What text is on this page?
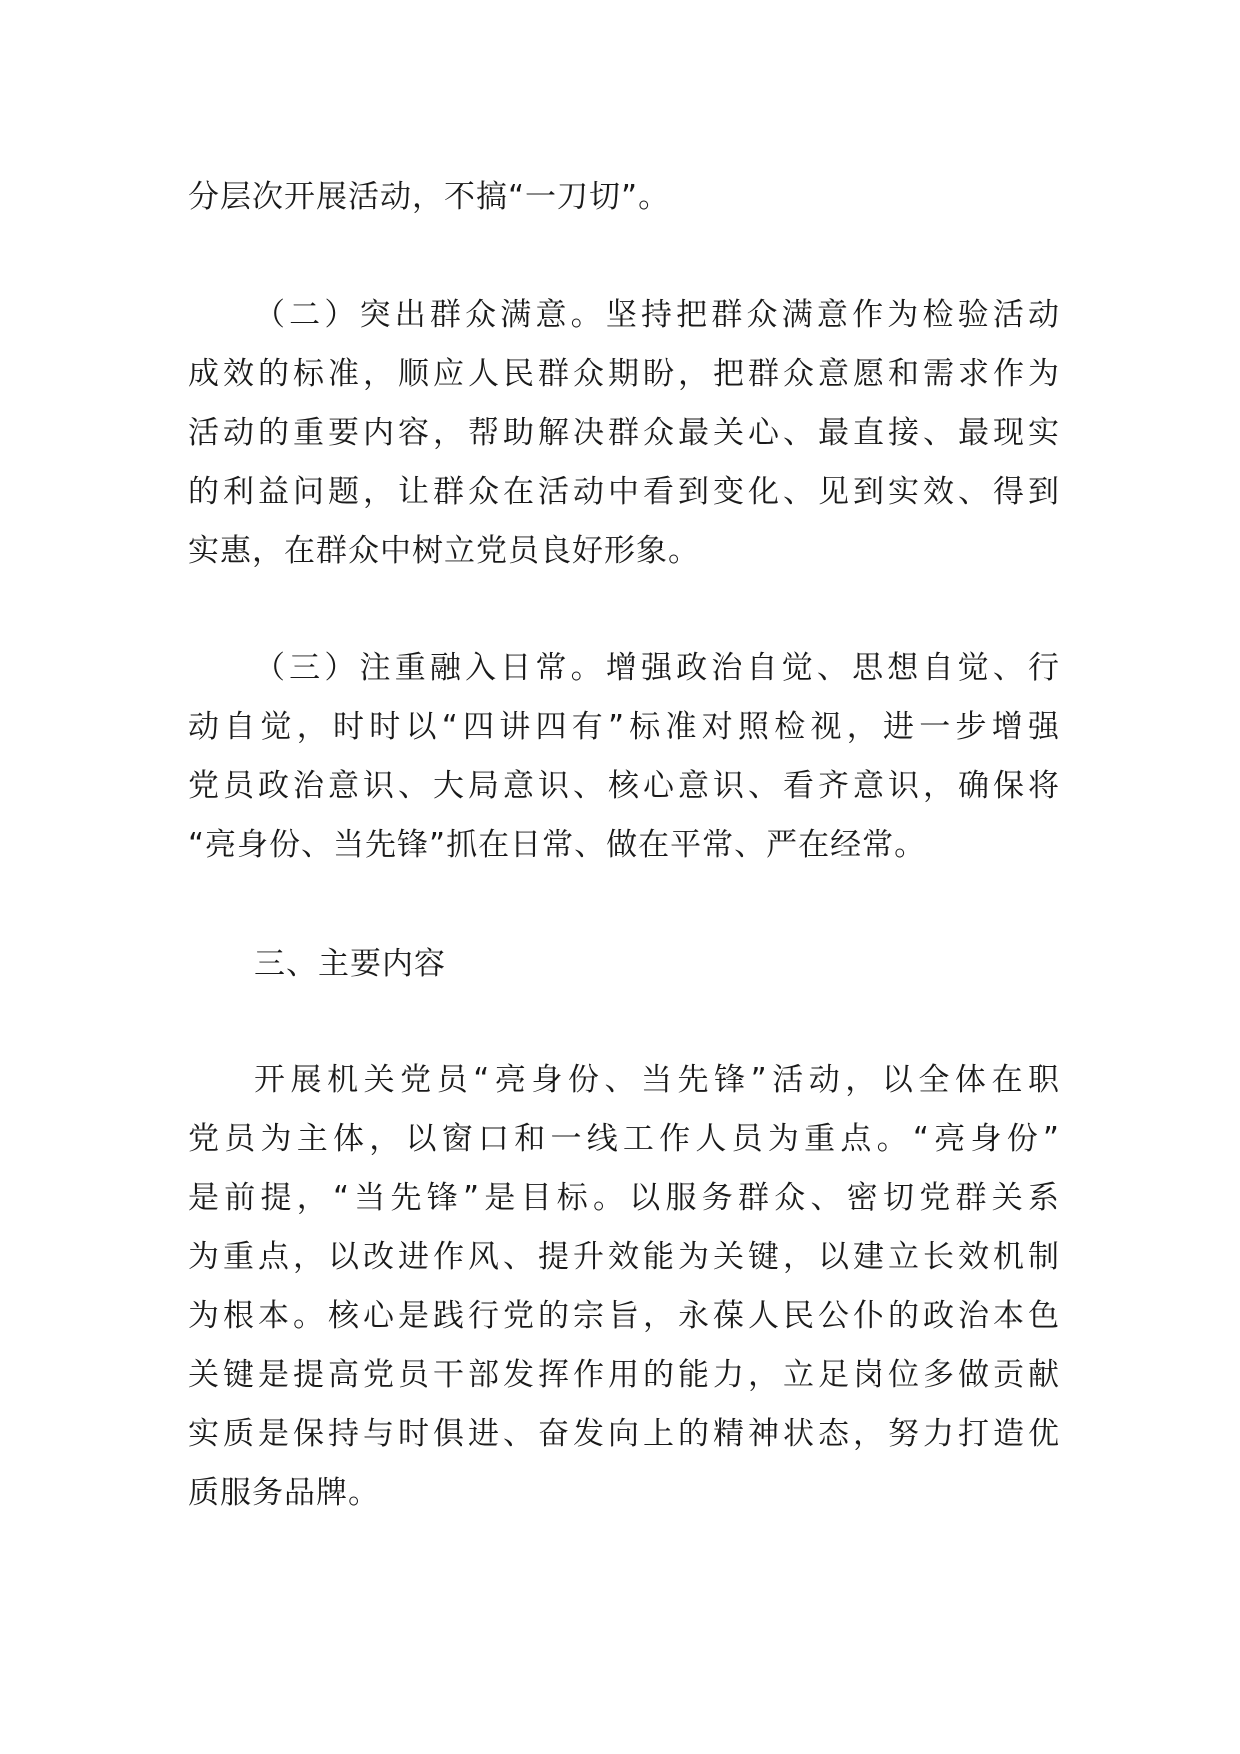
分层次开展活动，不搞“一刀切”。
（二）突出群众满意。坚持把群众满意作为检验活动
成效的标准，顺应人民群众期盼，把群众意愿和需求作为
活动的重要内容，帮助解决群众最关心、最直接、最现实
的利益问题，让群众在活动中看到变化、见到实效、得到
实惠，在群众中树立党员良好形象。
（三）注重融入日常。增强政治自觉、思想自觉、行
动自觉，时时以“四讲四有”标准对照检视，进一步增强
党员政治意识、大局意识、核心意识、看齐意识，确保将
“亮身份、当先锋”抓在日常、做在平常、严在经常。
三、主要内容
开展机关党员“亮身份、当先锋”活动，以全体在职
党员为主体，以窗口和一线工作人员为重点。“亮身份”
是前提，“当先锋”是目标。以服务群众、密切党群关系
为重点，以改进作风、提升效能为关键，以建立长效机制
为根本。核心是践行党的宗旨，永葆人民公仆的政治本色
关键是提高党员干部发挥作用的能力，立足岗位多做贡献
实质是保持与时俱进、奋发向上的精神状态，努力打造优
质服务品牌。
